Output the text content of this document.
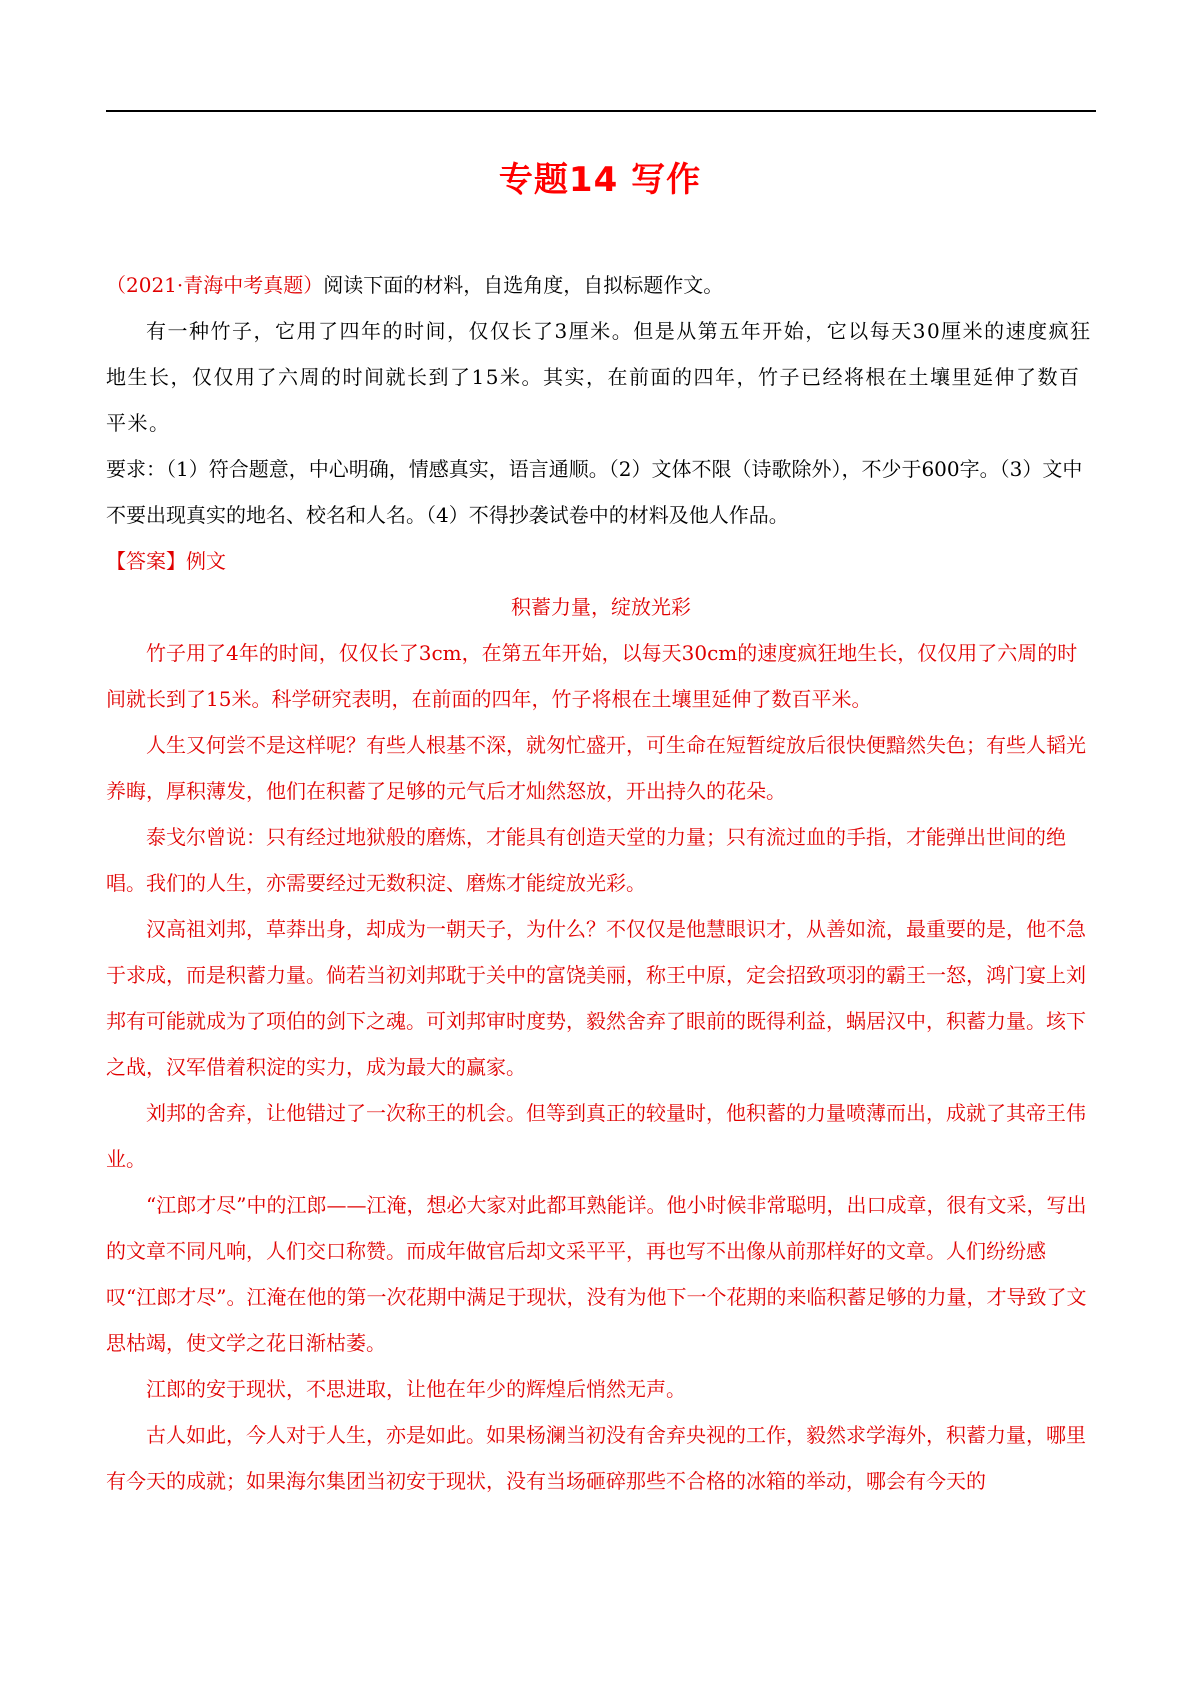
专题14 写作

（2021·青海中考真题）阅读下面的材料，自选角度，自拟标题作文。

有一种竹子，它用了四年的时间，仅仅长了3厘米。但是从第五年开始，它以每天30厘米的速度疯狂地生长，仅仅用了六周的时间就长到了15米。其实，在前面的四年，竹子已经将根在土壤里延伸了数百平米。

要求：（1）符合题意，中心明确，情感真实，语言通顺。（2）文体不限（诗歌除外），不少于600字。（3）文中不要出现真实的地名、校名和人名。（4）不得抄袭试卷中的材料及他人作品。

【答案】例文

积蓄力量，绽放光彩

竹子用了4年的时间，仅仅长了3cm，在第五年开始，以每天30cm的速度疯狂地生长，仅仅用了六周的时间就长到了15米。科学研究表明，在前面的四年，竹子将根在土壤里延伸了数百平米。

人生又何尝不是这样呢？有些人根基不深，就匆忙盛开，可生命在短暂绽放后很快便黯然失色；有些人韬光养晦，厚积薄发，他们在积蓄了足够的元气后才灿然怒放，开出持久的花朵。

泰戈尔曾说：只有经过地狱般的磨炼，才能具有创造天堂的力量；只有流过血的手指，才能弹出世间的绝唱。我们的人生，亦需要经过无数积淀、磨炼才能绽放光彩。

汉高祖刘邦，草莽出身，却成为一朝天子，为什么？不仅仅是他慧眼识才，从善如流，最重要的是，他不急于求成，而是积蓄力量。倘若当初刘邦耽于关中的富饶美丽，称王中原，定会招致项羽的霸王一怒，鸿门宴上刘邦有可能就成为了项伯的剑下之魂。可刘邦审时度势，毅然舍弃了眼前的既得利益，蜗居汉中，积蓄力量。垓下之战，汉军借着积淀的实力，成为最大的赢家。

刘邦的舍弃，让他错过了一次称王的机会。但等到真正的较量时，他积蓄的力量喷薄而出，成就了其帝王伟业。

“江郎才尽”中的江郎——江淹，想必大家对此都耳熟能详。他小时候非常聪明，出口成章，很有文采，写出的文章不同凡响，人们交口称赞。而成年做官后却文采平平，再也写不出像从前那样好的文章。人们纷纷感叹“江郎才尽”。江淹在他的第一次花期中满足于现状，没有为他下一个花期的来临积蓄足够的力量，才导致了文思枯竭，使文学之花日渐枯萎。

江郎的安于现状，不思进取，让他在年少的辉煌后悄然无声。

古人如此，今人对于人生，亦是如此。如果杨澜当初没有舍弃央视的工作，毅然求学海外，积蓄力量，哪里有今天的成就；如果海尔集团当初安于现状，没有当场砸碎那些不合格的冰箱的举动，哪会有今天的
